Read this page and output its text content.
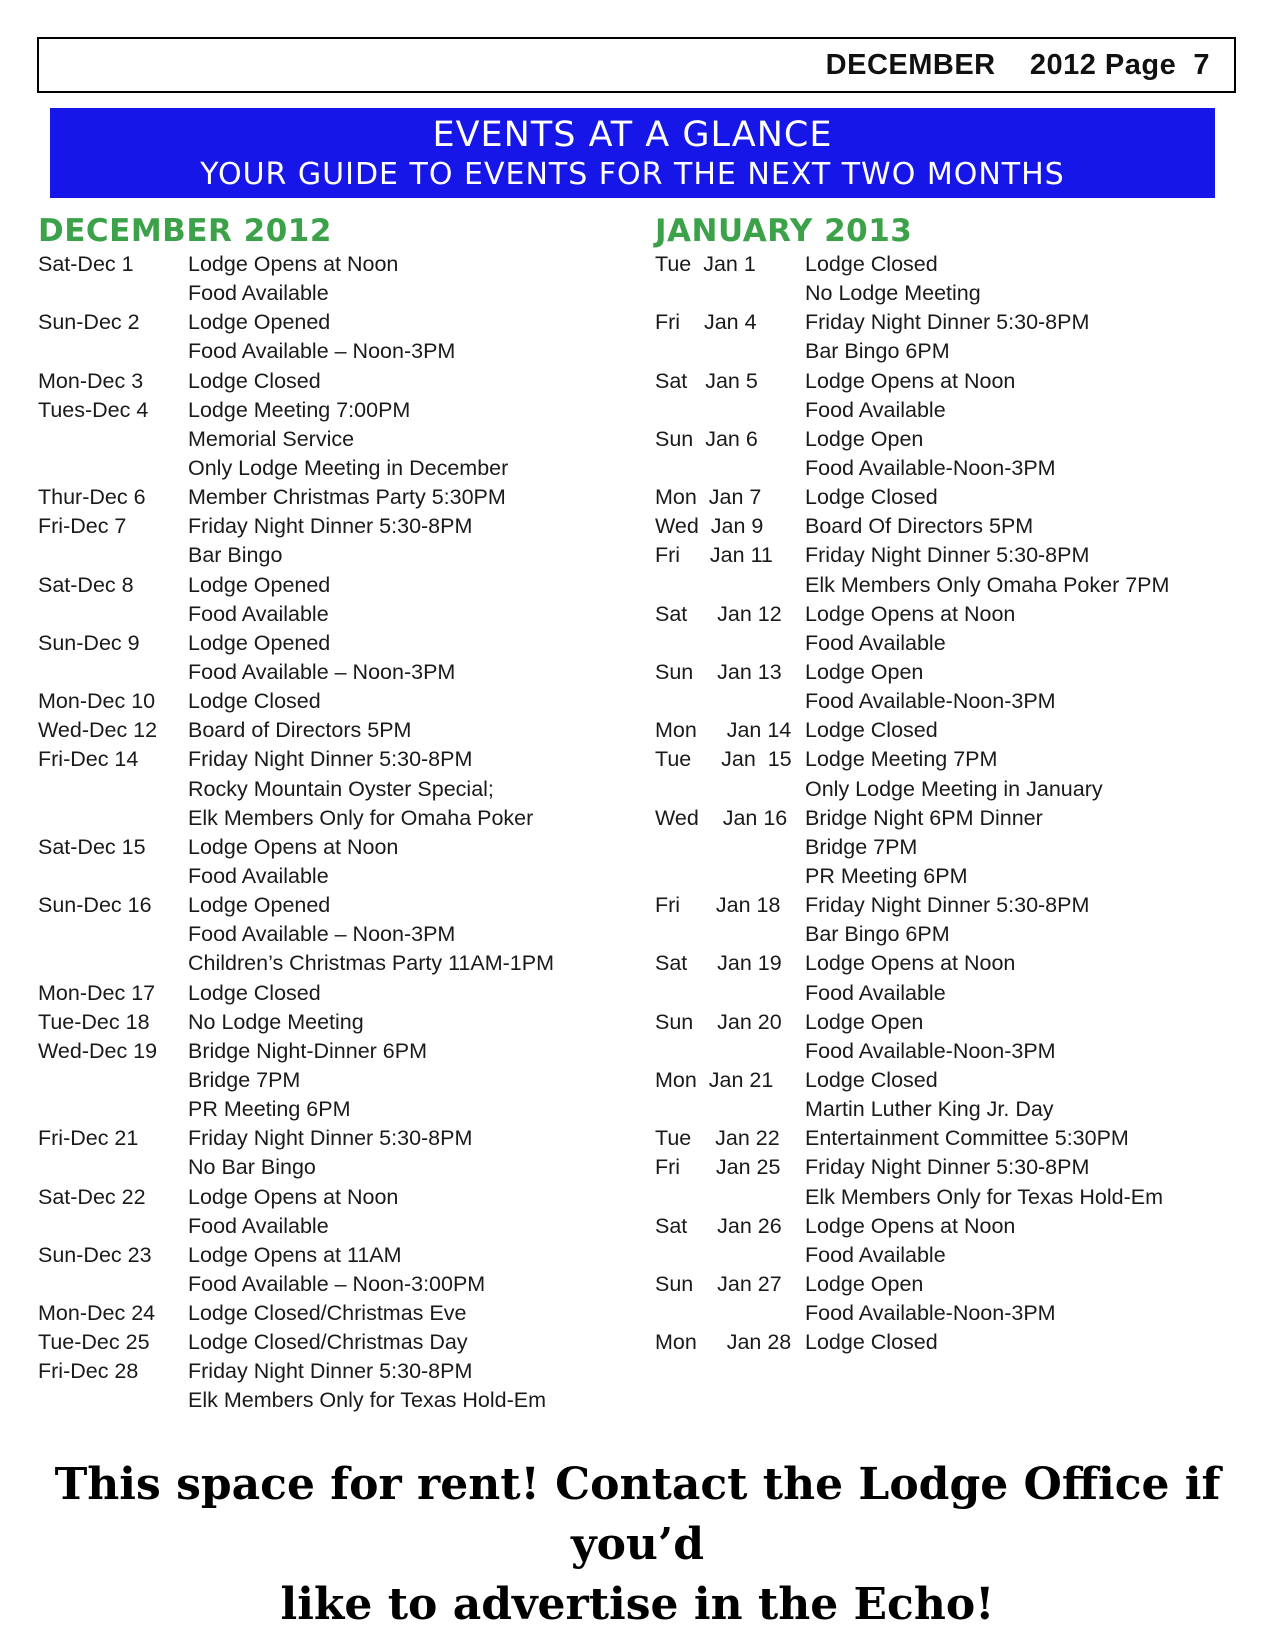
DECEMBER    2012 Page  7
EVENTS AT A GLANCE
YOUR GUIDE TO EVENTS FOR THE NEXT TWO MONTHS
DECEMBER 2012
Sat-Dec 1	Lodge Opens at Noon
Food Available
Sun-Dec 2	Lodge Opened
Food Available – Noon-3PM
Mon-Dec 3	Lodge Closed
Tues-Dec 4	Lodge Meeting 7:00PM
Memorial Service
Only Lodge Meeting in December
Thur-Dec 6	Member Christmas Party 5:30PM
Fri-Dec 7	Friday Night Dinner 5:30-8PM
Bar Bingo
Sat-Dec 8	Lodge Opened
Food Available
Sun-Dec 9	Lodge Opened
Food Available – Noon-3PM
Mon-Dec 10	Lodge Closed
Wed-Dec 12	Board of Directors 5PM
Fri-Dec 14	Friday Night Dinner 5:30-8PM
Rocky Mountain Oyster Special;
Elk Members Only for Omaha Poker
Sat-Dec 15	Lodge Opens at Noon
Food Available
Sun-Dec 16	Lodge Opened
Food Available – Noon-3PM
Children’s Christmas Party 11AM-1PM
Mon-Dec 17	Lodge Closed
Tue-Dec 18	No Lodge Meeting
Wed-Dec 19	Bridge Night-Dinner 6PM
Bridge 7PM
PR Meeting 6PM
Fri-Dec 21	Friday Night Dinner 5:30-8PM
No Bar Bingo
Sat-Dec 22	Lodge Opens at Noon
Food Available
Sun-Dec 23	Lodge Opens at 11AM
Food Available – Noon-3:00PM
Mon-Dec 24	Lodge Closed/Christmas Eve
Tue-Dec 25	Lodge Closed/Christmas Day
Fri-Dec 28	Friday Night Dinner 5:30-8PM
Elk Members Only for Texas Hold-Em
JANUARY 2013
Tue  Jan 1	Lodge Closed
No Lodge Meeting
Fri    Jan 4	Friday Night Dinner 5:30-8PM
Bar Bingo 6PM
Sat   Jan 5	Lodge Opens at Noon
Food Available
Sun  Jan 6	Lodge Open
Food Available-Noon-3PM
Mon  Jan 7	Lodge Closed
Wed  Jan 9	Board Of Directors 5PM
Fri     Jan 11	Friday Night Dinner 5:30-8PM
Elk Members Only Omaha Poker 7PM
Sat     Jan 12	Lodge Opens at Noon
Food Available
Sun    Jan 13	Lodge Open
Food Available-Noon-3PM
Mon     Jan 14 Lodge Closed
Tue     Jan  15 Lodge Meeting 7PM
Only Lodge Meeting in January
Wed    Jan 16 Bridge Night 6PM Dinner
Bridge 7PM
PR Meeting 6PM
Fri      Jan 18	Friday Night Dinner 5:30-8PM
Bar Bingo 6PM
Sat     Jan 19	Lodge Opens at Noon
Food Available
Sun    Jan 20	Lodge Open
Food Available-Noon-3PM
Mon  Jan 21	Lodge Closed
Martin Luther King Jr. Day
Tue    Jan 22	Entertainment Committee 5:30PM
Fri      Jan 25	Friday Night Dinner 5:30-8PM
Elk Members Only for Texas Hold-Em
Sat     Jan 26	Lodge Opens at Noon
Food Available
Sun    Jan 27	Lodge Open
Food Available-Noon-3PM
Mon     Jan 28 Lodge Closed
This space for rent! Contact the Lodge Office if you’d
like to advertise in the Echo!
